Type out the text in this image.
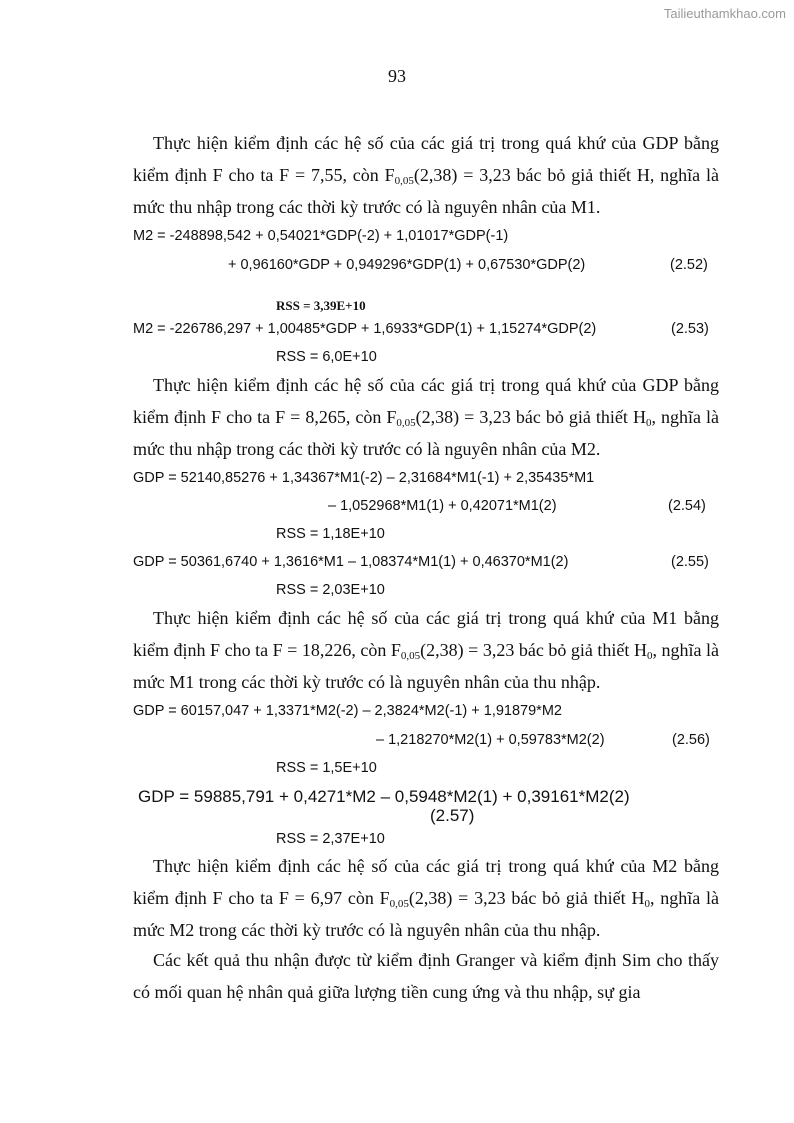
Tailieuthamkhao.com
93

Thực hiện kiểm định các hệ số của các giá trị trong quá khứ của GDP bằng kiểm định F cho ta F = 7,55, còn $F_{0,05}(2,38) = 3,23$ bác bỏ giả thiết H, nghĩa là mức thu nhập trong các thời kỳ trước có là nguyên nhân của M1.

M2 = -248898,542 + 0,54021*GDP(-2) + 1,01017*GDP(-1)
+ 0,96160*GDP + 0,949296*GDP(1) + 0,67530*GDP(2)	(2.52)
RSS = 3,39E+10
M2 = -226786,297 + 1,00485*GDP + 1,6933*GDP(1) + 1,15274*GDP(2)	(2.53)
RSS = 6,0E+10

Thực hiện kiểm định các hệ số của các giá trị trong quá khứ của GDP bằng kiểm định F cho ta F = 8,265, còn $F_{0,05}(2,38) = 3,23$ bác bỏ giả thiết $H_0$, nghĩa là mức thu nhập trong các thời kỳ trước có là nguyên nhân của M2.

GDP = 52140,85276 + 1,34367*M1(-2) – 2,31684*M1(-1) + 2,35435*M1
– 1,052968*M1(1) + 0,42071*M1(2)	(2.54)
RSS = 1,18E+10
GDP = 50361,6740 + 1,3616*M1 – 1,08374*M1(1) + 0,46370*M1(2)	(2.55)
RSS = 2,03E+10

Thực hiện kiểm định các hệ số của các giá trị trong quá khứ của M1 bằng kiểm định F cho ta F = 18,226, còn $F_{0,05}(2,38) = 3,23$ bác bỏ giả thiết $H_0$, nghĩa là mức M1 trong các thời kỳ trước có là nguyên nhân của thu nhập.

GDP = 60157,047 + 1,3371*M2(-2) – 2,3824*M2(-1) + 1,91879*M2
– 1,218270*M2(1) + 0,59783*M2(2)	(2.56)
RSS = 1,5E+10
GDP = 59885,791 + 0,4271*M2 – 0,5948*M2(1) + 0,39161*M2(2)
(2.57)
RSS = 2,37E+10

Thực hiện kiểm định các hệ số của các giá trị trong quá khứ của M2 bằng kiểm định F cho ta F = 6,97 còn $F_{0,05}(2,38) = 3,23$ bác bỏ giả thiết $H_0$, nghĩa là mức M2 trong các thời kỳ trước có là nguyên nhân của thu nhập.

Các kết quả thu nhận được từ kiểm định Granger và kiểm định Sim cho thấy có mối quan hệ nhân quả giữa lượng tiền cung ứng và thu nhập, sự gia
